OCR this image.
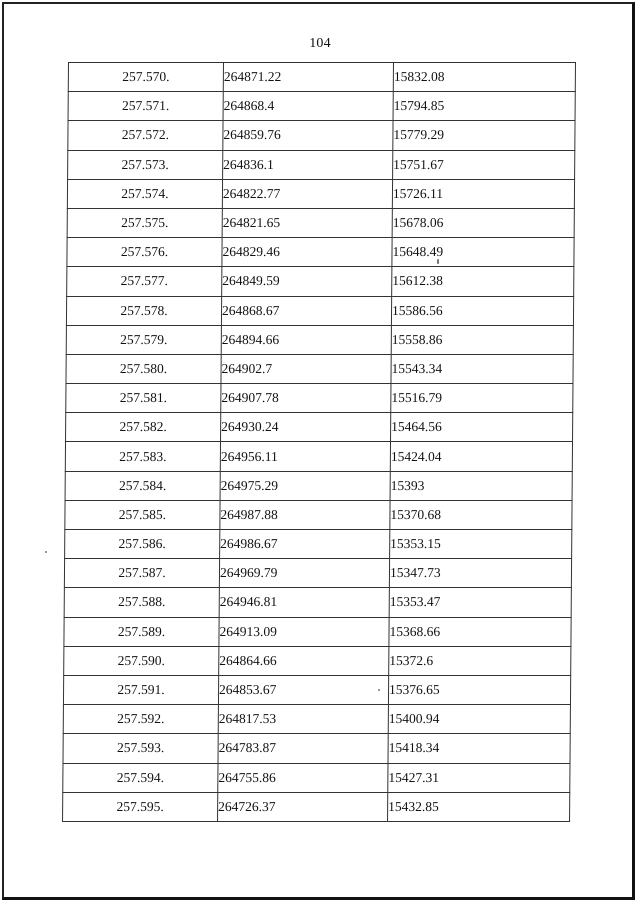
104
257.570.	264871.22	15832.08
257.571.	264868.4	15794.85
257.572.	264859.76	15779.29
257.573.	264836.1	15751.67
257.574.	264822.77	15726.11
257.575.	264821.65	15678.06
257.576.	264829.46	15648.49
257.577.	264849.59	15612.38
257.578.	264868.67	15586.56
257.579.	264894.66	15558.86
257.580.	264902.7	15543.34
257.581.	264907.78	15516.79
257.582.	264930.24	15464.56
257.583.	264956.11	15424.04
257.584.	264975.29	15393
257.585.	264987.88	15370.68
257.586.	264986.67	15353.15
257.587.	264969.79	15347.73
257.588.	264946.81	15353.47
257.589.	264913.09	15368.66
257.590.	264864.66	15372.6
257.591.	264853.67	15376.65
257.592.	264817.53	15400.94
257.593.	264783.87	15418.34
257.594.	264755.86	15427.31
257.595.	264726.37	15432.85
